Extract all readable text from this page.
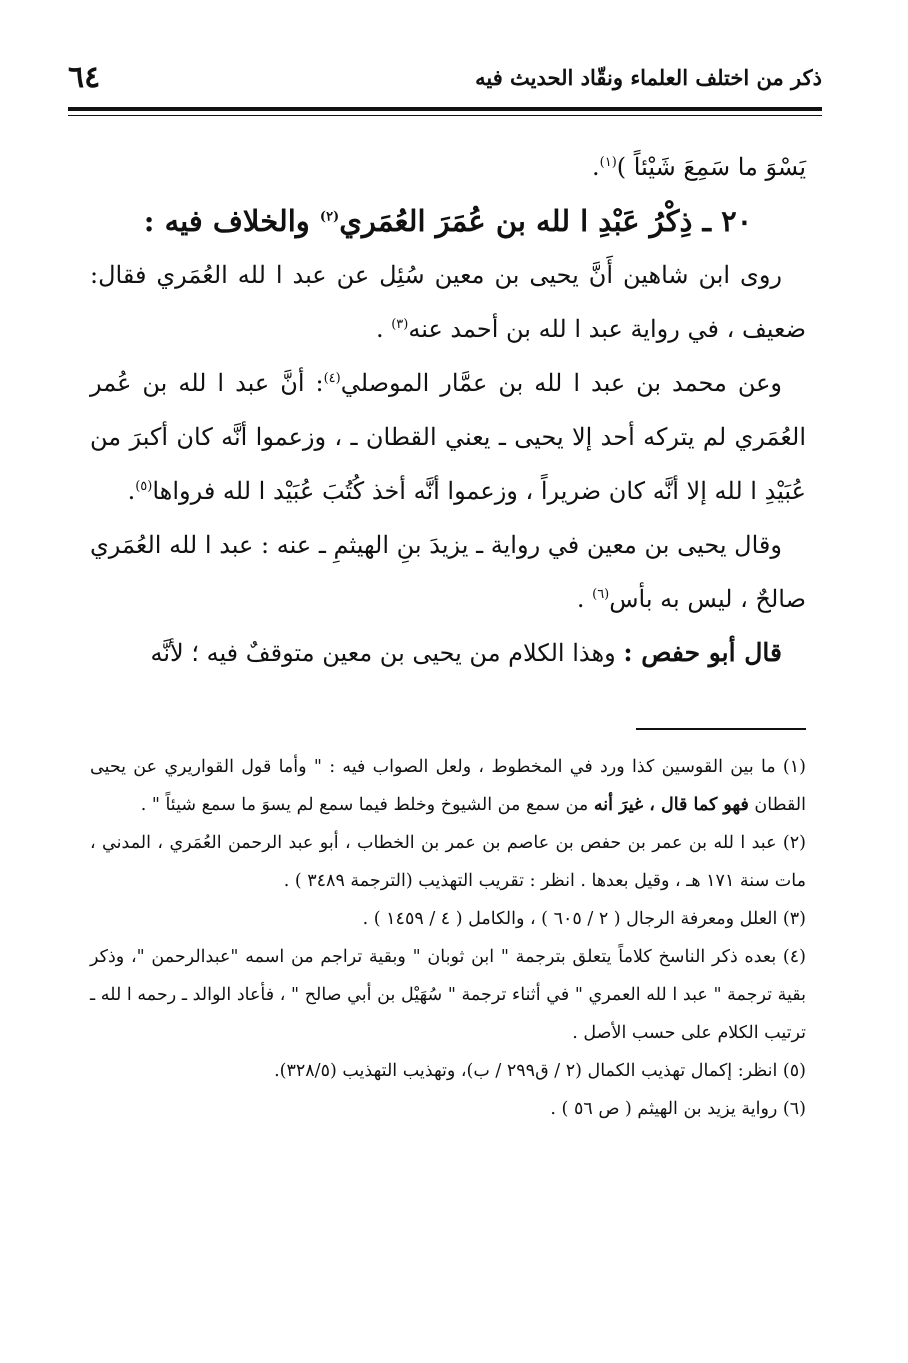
ذكر من اختلف العلماء ونقّاد الحديث فيه
٦٤

يَسْوَ ما سَمِعَ شَيْئاً )$^{(١)}$.

٢٠ ـ ذِكْرُ عَبْدِ ا لله بن عُمَرَ العُمَري$^{(٢)}$ والخلاف فيه :

روى ابن شاهين أَنَّ يحيى بن معين سُئِل عن عبد ا لله العُمَري فقال: ضعيف ، في رواية عبد ا لله بن أحمد عنه$^{(٣)}$ .

وعن محمد بن عبد ا لله بن عمَّار الموصلي$^{(٤)}$: أنَّ عبد ا لله بن عُمر العُمَري لم يتركه أحد إلا يحيى ـ يعني القطان ـ ، وزعموا أنَّه كان أكبرَ من عُبَيْدِ ا لله إلا أنَّه كان ضريراً ، وزعموا أنَّه أخذ كُتُبَ عُبَيْد ا لله فرواها$^{(٥)}$.

وقال يحيى بن معين في رواية ـ يزيدَ بنِ الهيثمِ ـ عنه : عبد ا لله العُمَري صالحٌ ، ليس به بأس$^{(٦)}$ .

قال أبو حفص : وهذا الكلام من يحيى بن معين متوقفٌ فيه ؛ لأنَّه

(١) ما بين القوسين كذا ورد في المخطوط ، ولعل الصواب فيه : " وأما قول القواريري عن يحيى القطان فهو كما قال ، غيرَ أنه من سمع من الشيوخ وخلط فيما سمع لم يسوَ ما سمع شيئاً " .

(٢) عبد ا لله بن عمر بن حفص بن عاصم بن عمر بن الخطاب ، أبو عبد الرحمن العُمَري ، المدني ، مات سنة ١٧١ هـ ، وقيل بعدها . انظر : تقريب التهذيب (الترجمة ٣٤٨٩ ) .

(٣) العلل ومعرفة الرجال ( ٢ / ٦٠٥ ) ، والكامل ( ٤ / ١٤٥٩ ) .

(٤) بعده ذكر الناسخ كلاماً يتعلق بترجمة " ابن ثوبان " وبقية تراجم من اسمه "عبدالرحمن "، وذكر بقية ترجمة " عبد ا لله العمري " في أثناء ترجمة " سُهَيْل بن أبي صالح " ، فأعاد الوالد ـ رحمه ا لله ـ ترتيب الكلام على حسب الأصل .

(٥) انظر: إكمال تهذيب الكمال (٢ / ق٢٩٩ / ب)، وتهذيب التهذيب (٣٢٨/٥).

(٦) رواية يزيد بن الهيثم ( ص ٥٦ ) .
